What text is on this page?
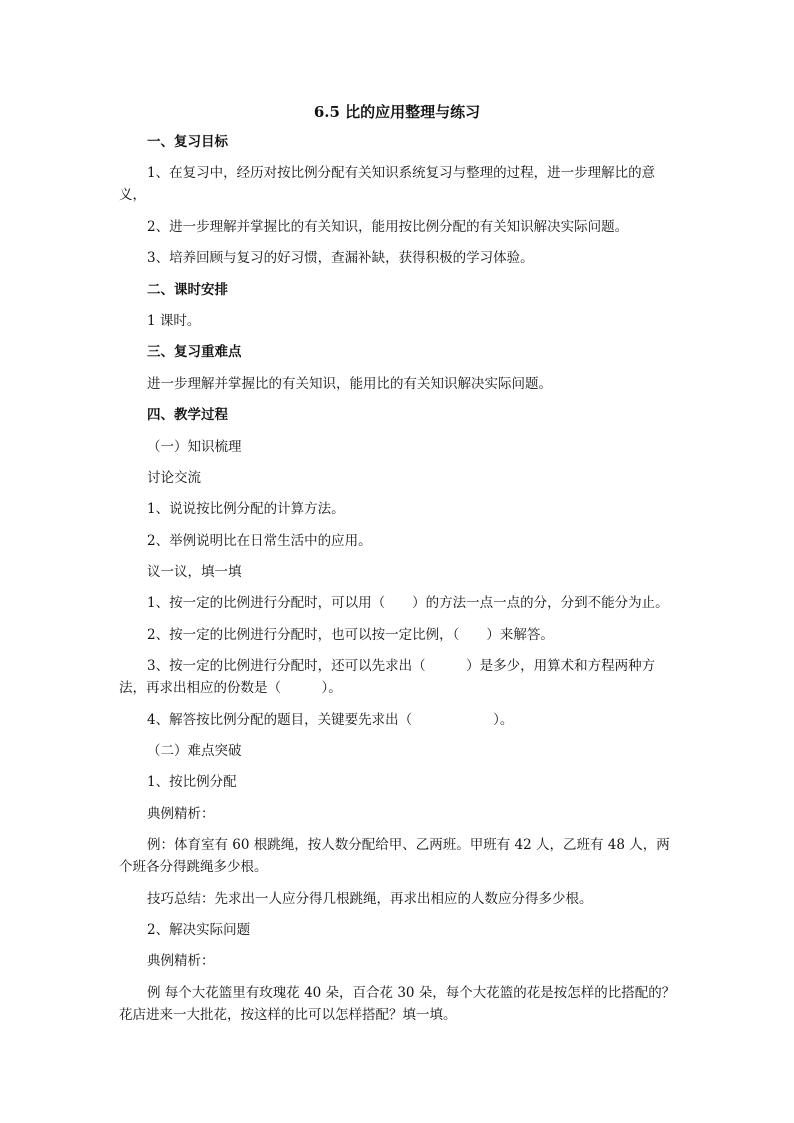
6.5 比的应用整理与练习

一、复习目标

1、在复习中，经历对按比例分配有关知识系统复习与整理的过程，进一步理解比的意义，

2、进一步理解并掌握比的有关知识，能用按比例分配的有关知识解决实际问题。

3、培养回顾与复习的好习惯，查漏补缺，获得积极的学习体验。

二、课时安排

1 课时。

三、复习重难点

进一步理解并掌握比的有关知识，能用比的有关知识解决实际问题。

四、教学过程

（一）知识梳理

讨论交流

1、说说按比例分配的计算方法。

2、举例说明比在日常生活中的应用。

议一议，填一填

1、按一定的比例进行分配时，可以用（　　）的方法一点一点的分，分到不能分为止。

2、按一定的比例进行分配时，也可以按一定比例，（　　）来解答。

3、按一定的比例进行分配时，还可以先求出（　　　）是多少，用算术和方程两种方法，再求出相应的份数是（　　　）。

4、解答按比例分配的题目，关键要先求出（　　　　　　）。

（二）难点突破

1、按比例分配

典例精析：

例：体育室有 60 根跳绳，按人数分配给甲、乙两班。甲班有 42 人，乙班有 48 人，两个班各分得跳绳多少根。

技巧总结：先求出一人应分得几根跳绳，再求出相应的人数应分得多少根。

2、解决实际问题

典例精析：

例 每个大花篮里有玫瑰花 40 朵，百合花 30 朵，每个大花篮的花是按怎样的比搭配的？花店进来一大批花，按这样的比可以怎样搭配？填一填。
